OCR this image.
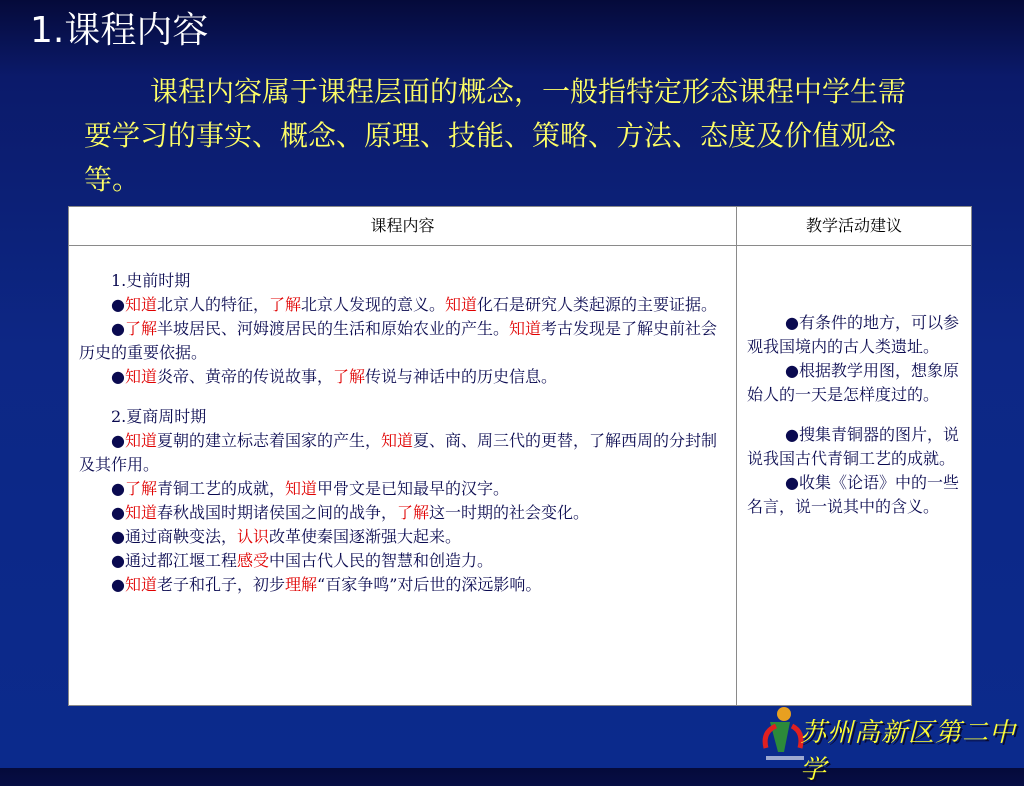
1.课程内容

课程内容属于课程层面的概念，一般指特定形态课程中学生需要学习的事实、概念、原理、技能、策略、方法、态度及价值观念等。

课程内容	教学活动建议

1.史前时期

●知道北京人的特征，了解北京人发现的意义。知道化石是研究人类起源的主要证据。

●了解半坡居民、河姆渡居民的生活和原始农业的产生。知道考古发现是了解史前社会历史的重要依据。

●知道炎帝、黄帝的传说故事，了解传说与神话中的历史信息。

2.夏商周时期

●知道夏朝的建立标志着国家的产生，知道夏、商、周三代的更替，了解西周的分封制及其作用。

●了解青铜工艺的成就，知道甲骨文是已知最早的汉字。

●知道春秋战国时期诸侯国之间的战争，了解这一时期的社会变化。

●通过商鞅变法，认识改革使秦国逐渐强大起来。

●通过都江堰工程感受中国古代人民的智慧和创造力。

●知道老子和孔子，初步理解“百家争鸣”对后世的深远影响。

●有条件的地方，可以参观我国境内的古人类遗址。

●根据教学用图，想象原始人的一天是怎样度过的。

●搜集青铜器的图片，说说我国古代青铜工艺的成就。

●收集《论语》中的一些名言，说一说其中的含义。

苏州高新区第二中学
